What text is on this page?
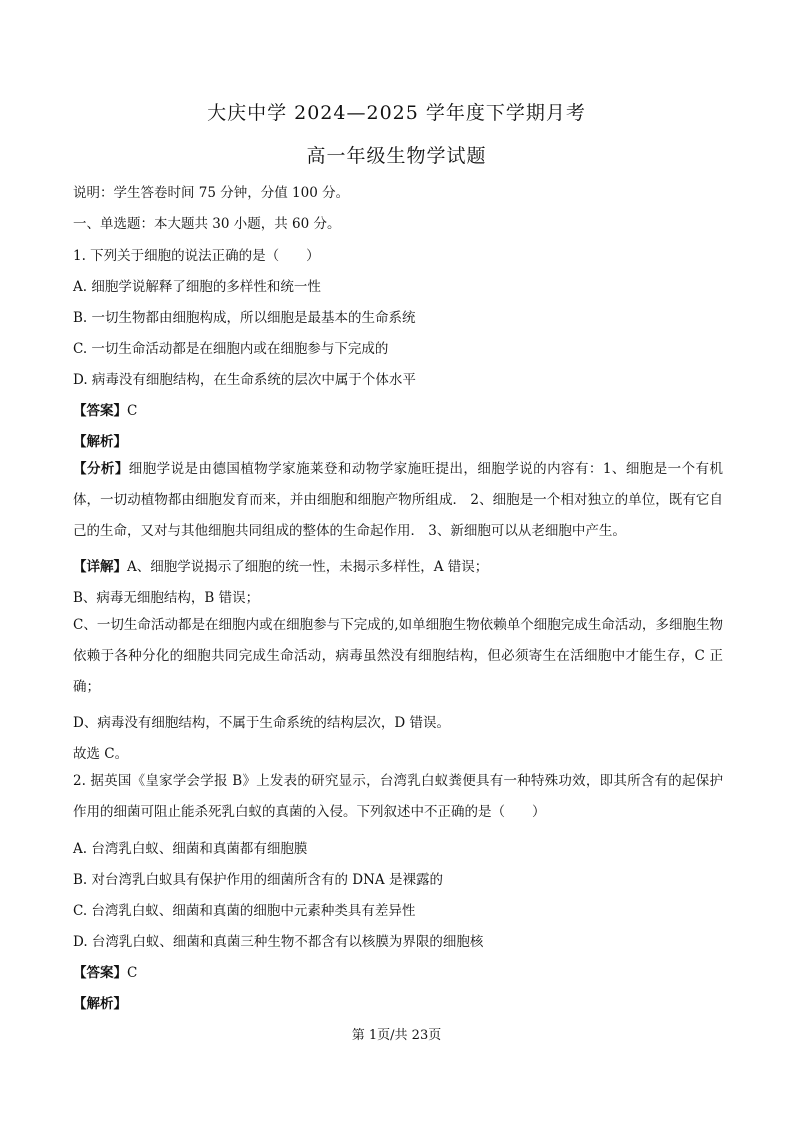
大庆中学 2024—2025 学年度下学期月考
高一年级生物学试题
说明：学生答卷时间 75 分钟，分值 100 分。
一、单选题：本大题共 30 小题，共 60 分。
1. 下列关于细胞的说法正确的是（　　）
A. 细胞学说解释了细胞的多样性和统一性
B. 一切生物都由细胞构成，所以细胞是最基本的生命系统
C. 一切生命活动都是在细胞内或在细胞参与下完成的
D. 病毒没有细胞结构，在生命系统的层次中属于个体水平
【答案】C
【解析】
【分析】细胞学说是由德国植物学家施莱登和动物学家施旺提出，细胞学说的内容有：1、细胞是一个有机体，一切动植物都由细胞发育而来，并由细胞和细胞产物所组成． 2、细胞是一个相对独立的单位，既有它自己的生命，又对与其他细胞共同组成的整体的生命起作用． 3、新细胞可以从老细胞中产生。
【详解】A、细胞学说揭示了细胞的统一性，未揭示多样性，A 错误；
B、病毒无细胞结构，B 错误；
C、一切生命活动都是在细胞内或在细胞参与下完成的,如单细胞生物依赖单个细胞完成生命活动，多细胞生物依赖于各种分化的细胞共同完成生命活动，病毒虽然没有细胞结构，但必须寄生在活细胞中才能生存，C 正确；
D、病毒没有细胞结构，不属于生命系统的结构层次，D 错误。
故选 C。
2. 据英国《皇家学会学报 B》上发表的研究显示，台湾乳白蚁粪便具有一种特殊功效，即其所含有的起保护作用的细菌可阻止能杀死乳白蚁的真菌的入侵。下列叙述中不正确的是（　　）
A. 台湾乳白蚁、细菌和真菌都有细胞膜
B. 对台湾乳白蚁具有保护作用的细菌所含有的 DNA 是裸露的
C. 台湾乳白蚁、细菌和真菌的细胞中元素种类具有差异性
D. 台湾乳白蚁、细菌和真菌三种生物不都含有以核膜为界限的细胞核
【答案】C
【解析】
第 1页/共 23页
